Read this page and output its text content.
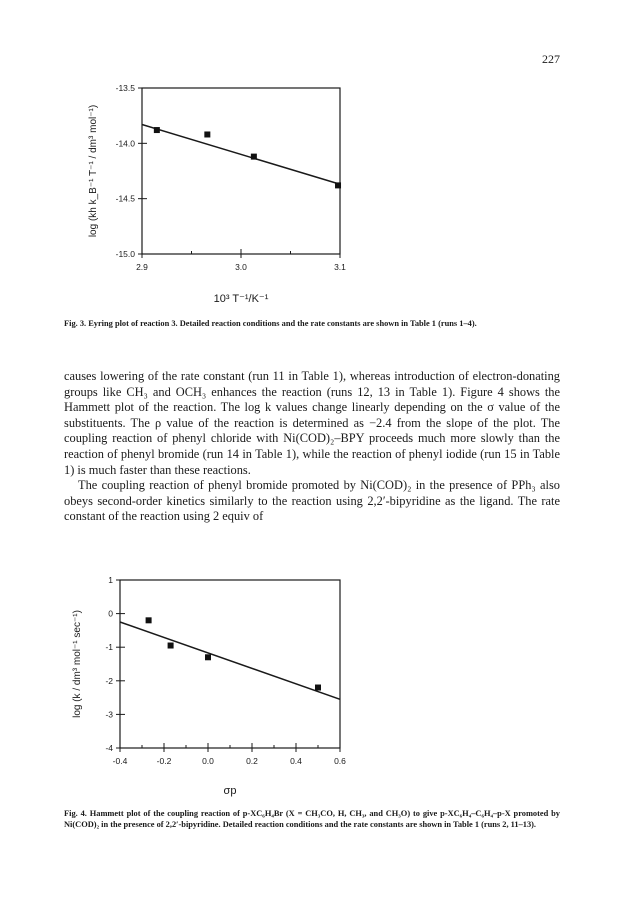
227
-13.5
-14.0
-14.5
-15.0
2.9	3.0	3.1
10³ T⁻¹/K⁻¹
log (kh k_B⁻¹ T⁻¹ / dm³ mol⁻¹)
Fig. 3. Eyring plot of reaction 3. Detailed reaction conditions and the rate constants are shown in Table 1 (runs 1–4).

causes lowering of the rate constant (run 11 in Table 1), whereas introduction of electron-donating groups like CH₃ and OCH₃ enhances the reaction (runs 12, 13 in Table 1). Figure 4 shows the Hammett plot of the reaction. The log k values change linearly depending on the σ value of the substituents. The ρ value of the reaction is determined as −2.4 from the slope of the plot. The coupling reaction of phenyl chloride with Ni(COD)₂–BPY proceeds much more slowly than the reaction of phenyl bromide (run 14 in Table 1), while the reaction of phenyl iodide (run 15 in Table 1) is much faster than these reactions.

The coupling reaction of phenyl bromide promoted by Ni(COD)₂ in the presence of PPh₃ also obeys second-order kinetics similarly to the reaction using 2,2′-bipyridine as the ligand. The rate constant of the reaction using 2 equiv of

1
0
-1
-2
-3
-4
-0.4	-0.2	0.0	0.2	0.4	0.6
σp
log (k / dm³ mol⁻¹ sec⁻¹)
Fig. 4. Hammett plot of the coupling reaction of p-XC₆H₄Br (X = CH₃CO, H, CH₃, and CH₃O) to give p-XC₆H₄–C₆H₄–p-X promoted by Ni(COD)₂ in the presence of 2,2′-bipyridine. Detailed reaction conditions and the rate constants are shown in Table 1 (runs 2, 11–13).
